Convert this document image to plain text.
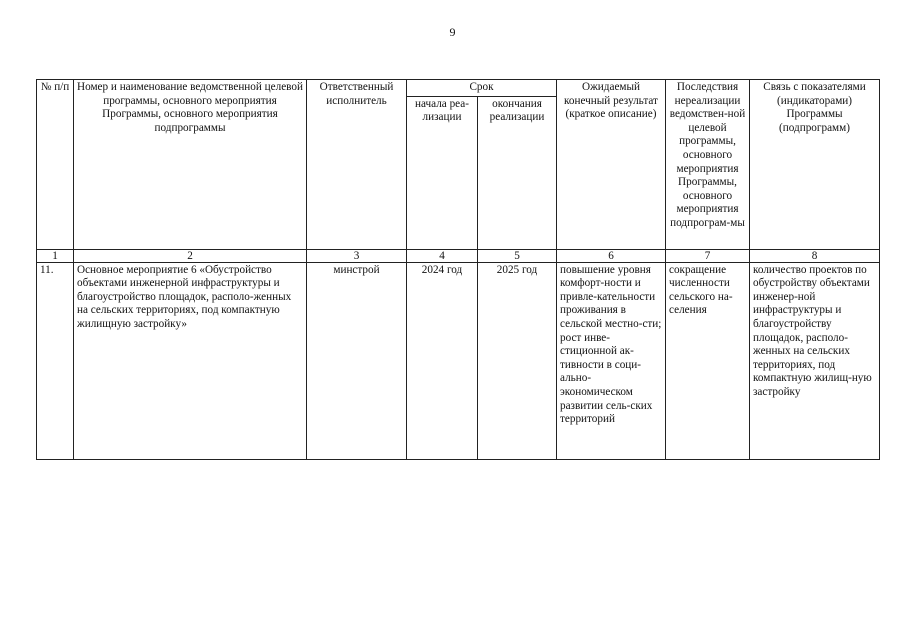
9
№ п/п	Номер и наименование ведомственной целевой программы, основного мероприятия Программы, основного мероприятия подпрограммы	Ответственный исполнитель	Срок		Ожидаемый конечный результат (краткое описание)	Последствия нереализации ведомствен-ной целевой программы, основного мероприятия Программы, основного мероприятия подпрограм-мы	Связь с показателями (индикаторами) Программы (подпрограмм)
			начала реа-лизации	окончания реализации			
1	2	3	4	5	6	7	8
11.	Основное мероприятие 6 «Обустройство объектами инженерной инфраструктуры и благоустройство площадок, располо-женных на сельских территориях, под компактную жилищную застройку»	минстрой	2024 год	2025 год	повышение уровня комфорт-ности и привле-кательности проживания в сельской местно-сти; рост инве-стиционной ак-тивности в соци-ально-экономическом развитии сель-ских территорий	сокращение численности сельского на-селения	количество проектов по обустройству объектами инженер-ной инфраструктуры и благоустройству площадок, располо-женных на сельских территориях, под компактную жилищ-ную застройку
